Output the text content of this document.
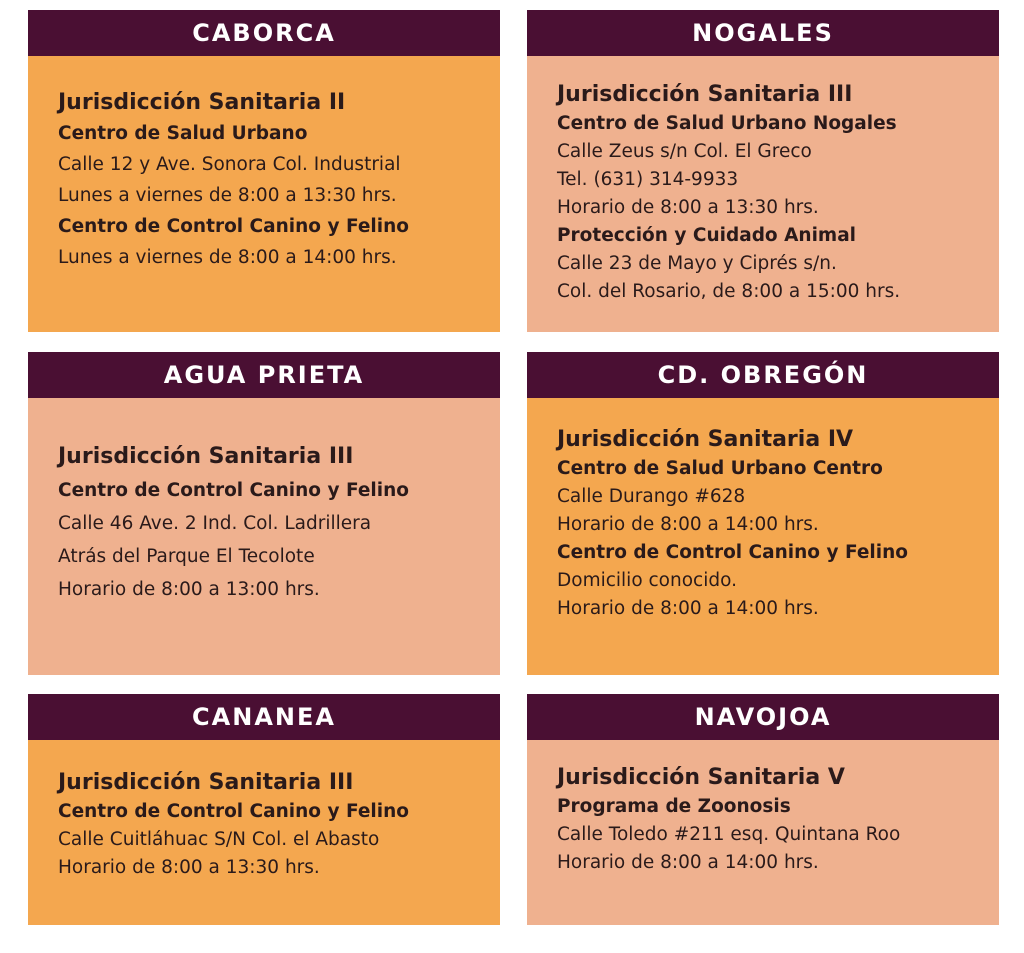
CABORCA

Jurisdicción Sanitaria II

Centro de Salud Urbano

Calle 12 y Ave. Sonora Col. Industrial

Lunes a viernes de 8:00 a 13:30 hrs.

Centro de Control Canino y Felino

Lunes a viernes de 8:00 a 14:00 hrs.

NOGALES

Jurisdicción Sanitaria III

Centro de Salud Urbano Nogales

Calle Zeus s/n Col. El Greco

Tel. (631) 314-9933

Horario de 8:00 a 13:30 hrs.

Protección y Cuidado Animal

Calle 23 de Mayo y Ciprés s/n.

Col. del Rosario, de 8:00 a 15:00 hrs.

AGUA PRIETA

Jurisdicción Sanitaria III

Centro de Control Canino y Felino

Calle 46 Ave. 2 Ind. Col. Ladrillera

Atrás del Parque El Tecolote

Horario de 8:00 a 13:00 hrs.

CD. OBREGÓN

Jurisdicción Sanitaria IV

Centro de Salud Urbano Centro

Calle Durango #628

Horario de 8:00 a 14:00 hrs.

Centro de Control Canino y Felino

Domicilio conocido.

Horario de 8:00 a 14:00 hrs.

CANANEA

Jurisdicción Sanitaria III

Centro de Control Canino y Felino

Calle Cuitláhuac S/N Col. el Abasto

Horario de 8:00 a 13:30 hrs.

NAVOJOA

Jurisdicción Sanitaria V

Programa de Zoonosis

Calle Toledo #211 esq. Quintana Roo

Horario de 8:00 a 14:00 hrs.
